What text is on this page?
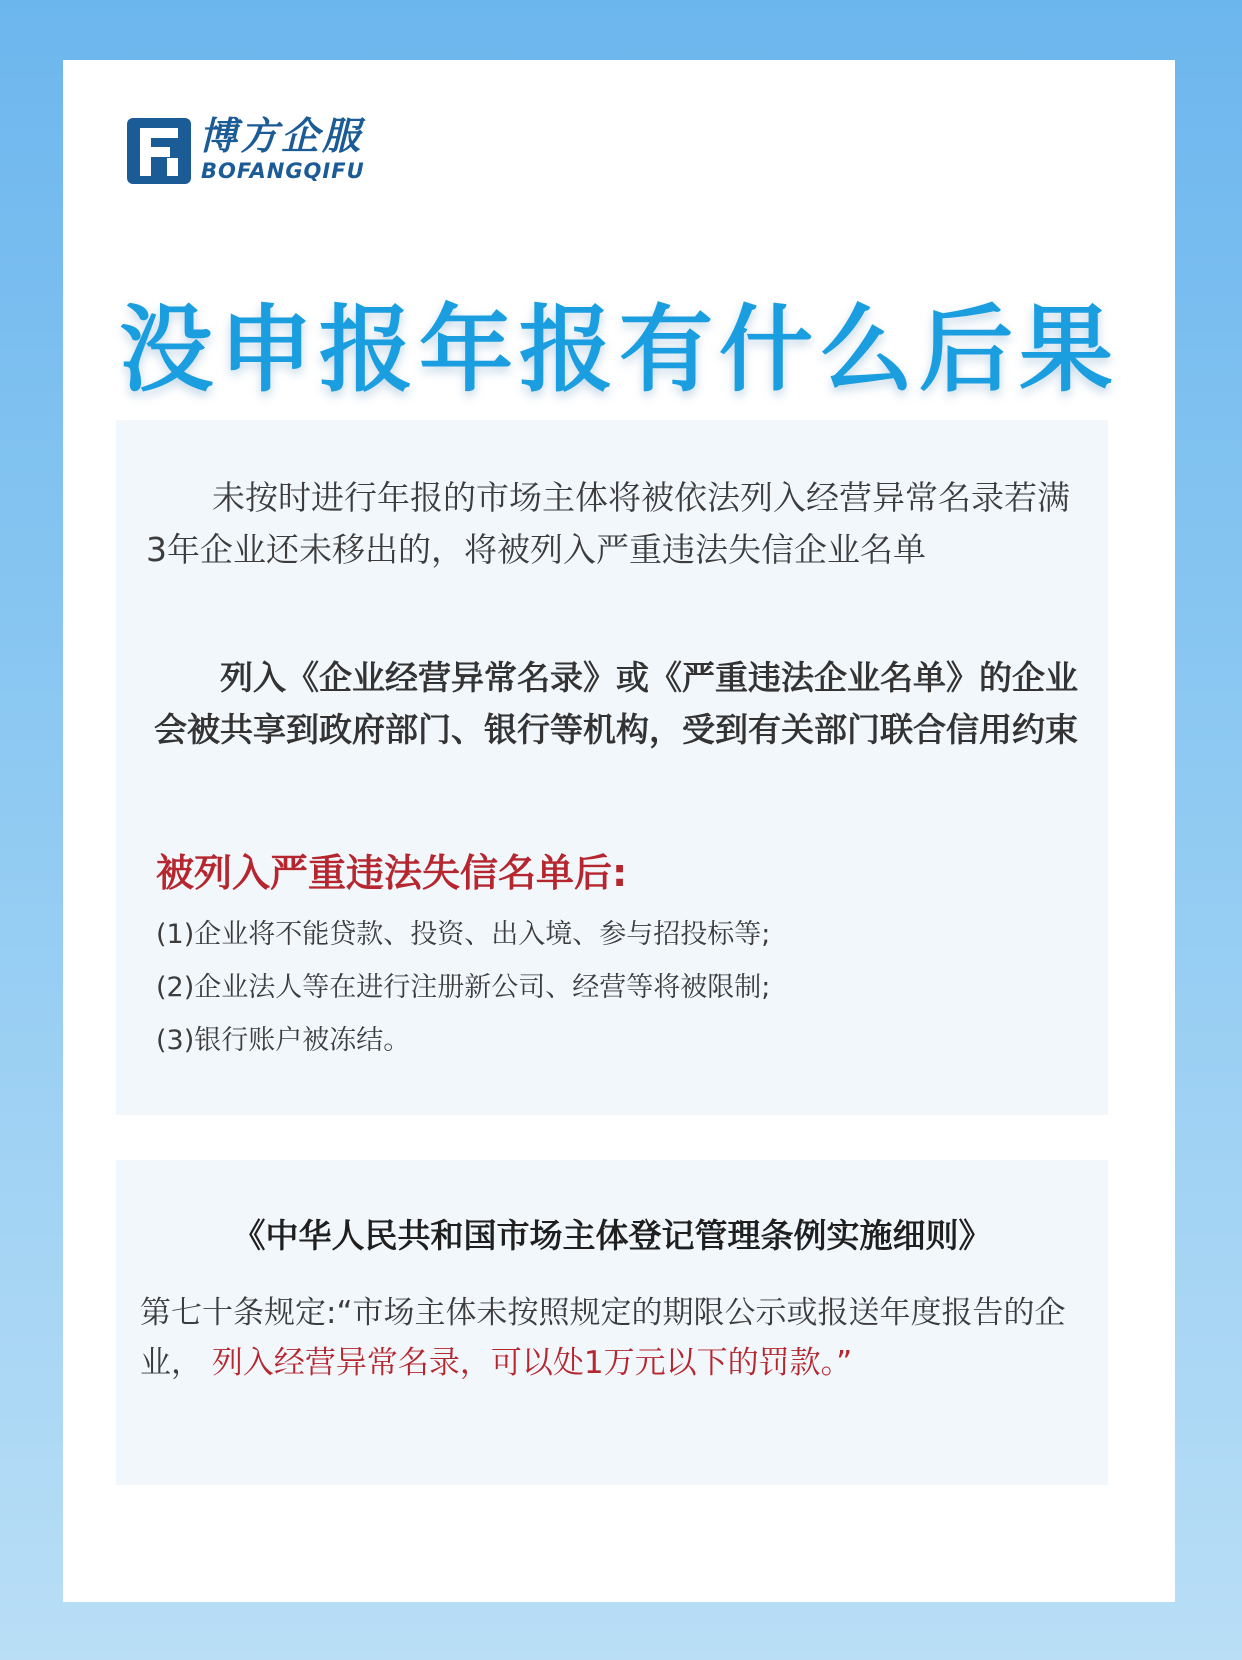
博方企服
BOFANGQIFU
没申报年报有什么后果

未按时进行年报的市场主体将被依法列入经营异常名录若满3年企业还未移出的，将被列入严重违法失信企业名单

列入《企业经营异常名录》或《严重违法企业名单》的企业会被共享到政府部门、银行等机构，受到有关部门联合信用约束

被列入严重违法失信名单后:

(1)企业将不能贷款、投资、出入境、参与招投标等;
(2)企业法人等在进行注册新公司、经营等将被限制;
(3)银行账户被冻结。

《中华人民共和国市场主体登记管理条例实施细则》

第七十条规定:“市场主体未按照规定的期限公示或报送年度报告的企业， 列入经营异常名录，可以处1万元以下的罚款。”
